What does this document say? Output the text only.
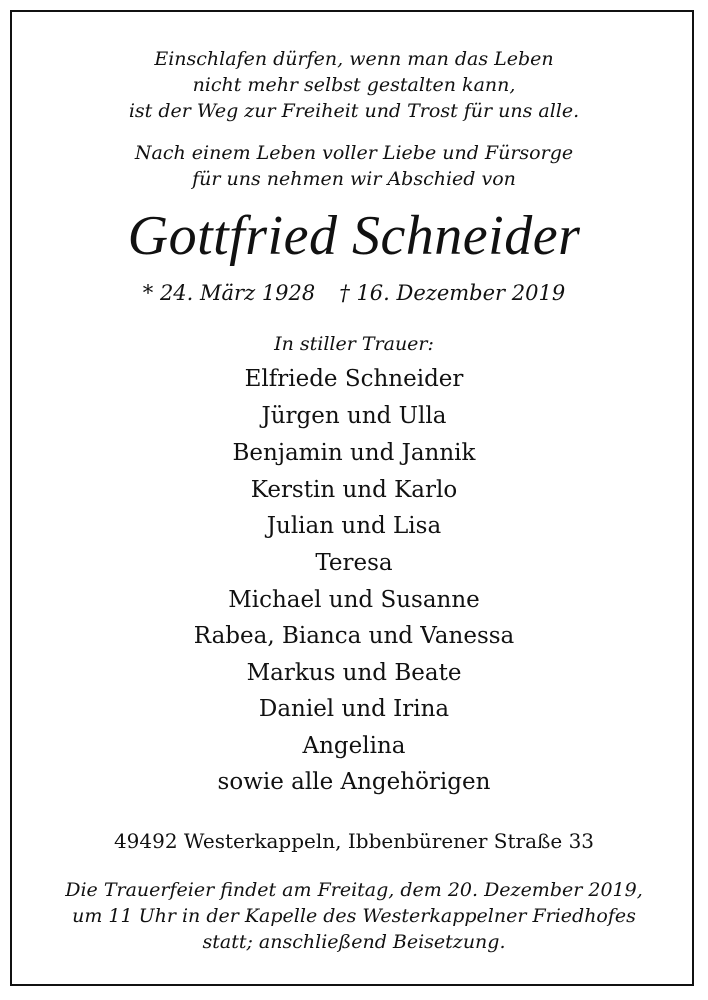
Einschlafen dürfen, wenn man das Leben
nicht mehr selbst gestalten kann,
ist der Weg zur Freiheit und Trost für uns alle.
Nach einem Leben voller Liebe und Fürsorge
für uns nehmen wir Abschied von
Gottfried Schneider
* 24. März 1928 † 16. Dezember 2019
In stiller Trauer:
Elfriede Schneider
Jürgen und Ulla
Benjamin und Jannik
Kerstin und Karlo
Julian und Lisa
Teresa
Michael und Susanne
Rabea, Bianca und Vanessa
Markus und Beate
Daniel und Irina
Angelina
sowie alle Angehörigen
49492 Westerkappeln, Ibbenbürener Straße 33
Die Trauerfeier findet am Freitag, dem 20. Dezember 2019,
um 11 Uhr in der Kapelle des Westerkappelner Friedhofes
statt; anschließend Beisetzung.
